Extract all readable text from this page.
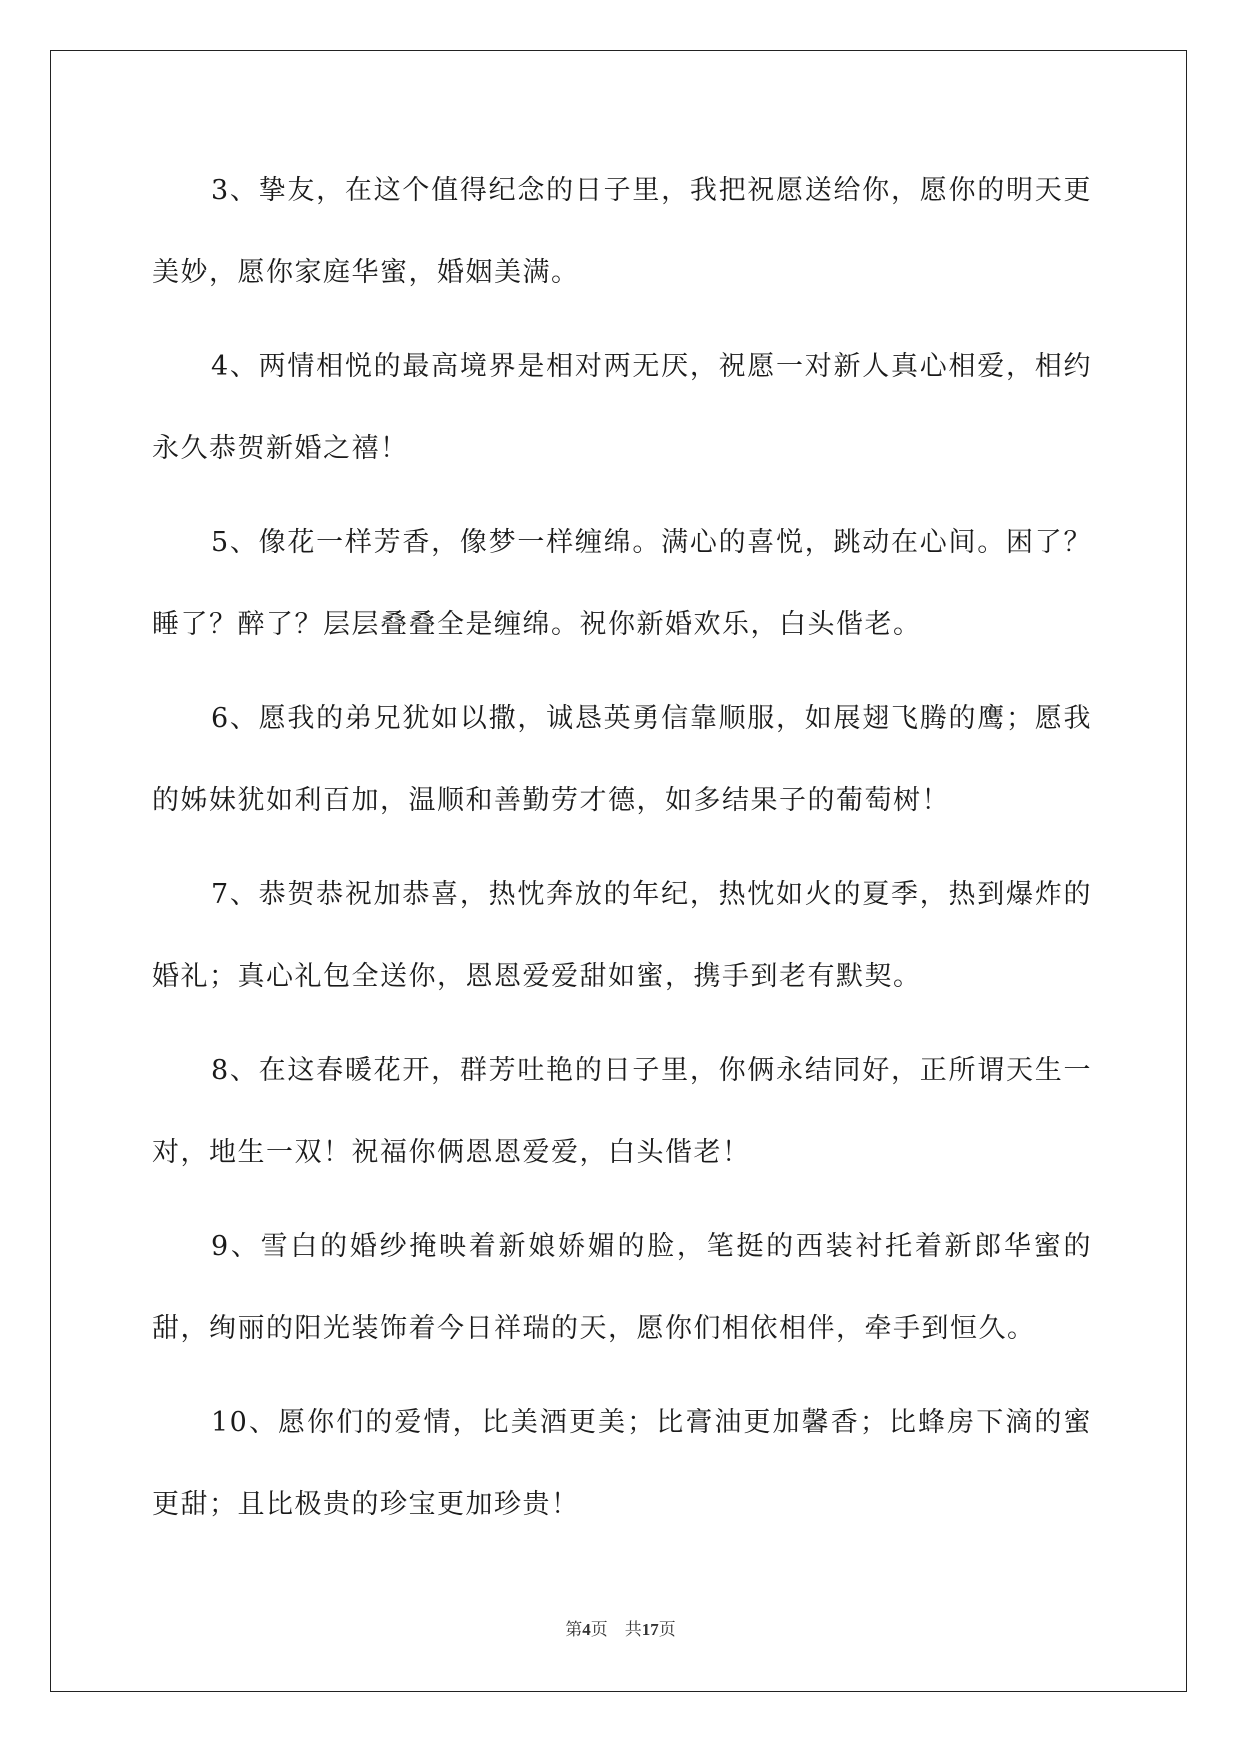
3、挚友，在这个值得纪念的日子里，我把祝愿送给你，愿你的明天更美妙，愿你家庭华蜜，婚姻美满。

4、两情相悦的最高境界是相对两无厌，祝愿一对新人真心相爱，相约永久恭贺新婚之禧！

5、像花一样芳香，像梦一样缠绵。满心的喜悦，跳动在心间。困了？睡了？醉了？层层叠叠全是缠绵。祝你新婚欢乐，白头偕老。

6、愿我的弟兄犹如以撒，诚恳英勇信靠顺服，如展翅飞腾的鹰；愿我的姊妹犹如利百加，温顺和善勤劳才德，如多结果子的葡萄树！

7、恭贺恭祝加恭喜，热忱奔放的年纪，热忱如火的夏季，热到爆炸的婚礼；真心礼包全送你，恩恩爱爱甜如蜜，携手到老有默契。

8、在这春暖花开，群芳吐艳的日子里，你俩永结同好，正所谓天生一对，地生一双！祝福你俩恩恩爱爱，白头偕老！

9、雪白的婚纱掩映着新娘娇媚的脸，笔挺的西装衬托着新郎华蜜的甜，绚丽的阳光装饰着今日祥瑞的天，愿你们相依相伴，牵手到恒久。

10、愿你们的爱情，比美酒更美；比膏油更加馨香；比蜂房下滴的蜜更甜；且比极贵的珍宝更加珍贵！

第4页 共17页
